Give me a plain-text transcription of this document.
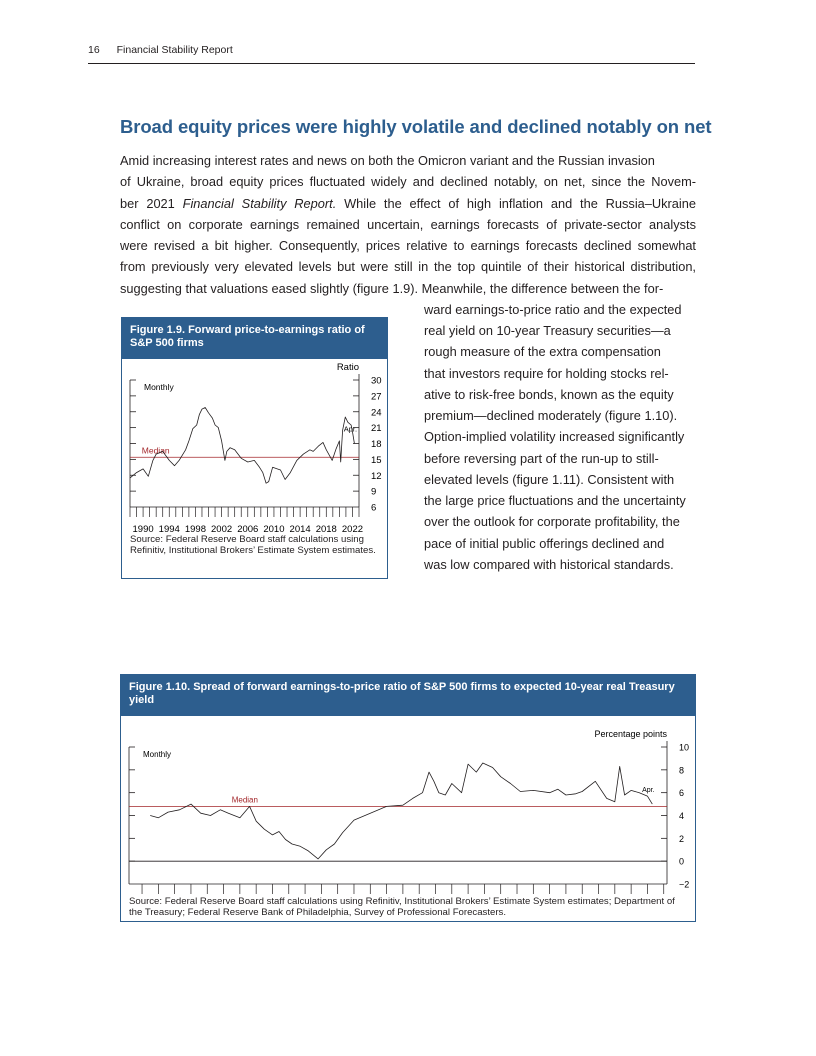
16 Financial Stability Report
Broad equity prices were highly volatile and declined notably on net
Amid increasing interest rates and news on both the Omicron variant and the Russian invasion
of Ukraine, broad equity prices fluctuated widely and declined notably, on net, since the Novem-
ber 2021 Financial Stability Report. While the effect of high inflation and the Russia–Ukraine
conflict on corporate earnings remained uncertain, earnings forecasts of private-sector analysts
were revised a bit higher. Consequently, prices relative to earnings forecasts declined somewhat
from previously very elevated levels but were still in the top quintile of their historical distribution,
suggesting that valuations eased slightly (figure 1.9). Meanwhile, the difference between the for-
ward earnings-to-price ratio and the expected
real yield on 10-year Treasury securities—a
rough measure of the extra compensation
that investors require for holding stocks rel-
ative to risk-free bonds, known as the equity
premium—declined moderately (figure 1.10).
Option-implied volatility increased significantly
before reversing part of the run-up to still-
elevated levels (figure 1.11). Consistent with
the large price fluctuations and the uncertainty
over the outlook for corporate profitability, the
pace of initial public offerings declined and
was low compared with historical standards.
Figure 1.9. Forward price-to-earnings ratio of S&P 500 firms
30
27
24
21
18
15
12
9
6
1990 1994 1998 2002 2006 2010 2014 2018 2022
Median
Monthly
Ratio
Apr.
Source: Federal Reserve Board staff calculations using Refinitiv, Institutional Brokers’ Estimate System estimates.
Figure 1.10. Spread of forward earnings-to-price ratio of S&P 500 firms to expected 10-year real Treasury yield
10
8
6
4
2
0
−2
Median
Monthly
Percentage points
Apr.
Source: Federal Reserve Board staff calculations using Refinitiv, Institutional Brokers’ Estimate System estimates; Department of the Treasury; Federal Reserve Bank of Philadelphia, Survey of Professional Forecasters.
